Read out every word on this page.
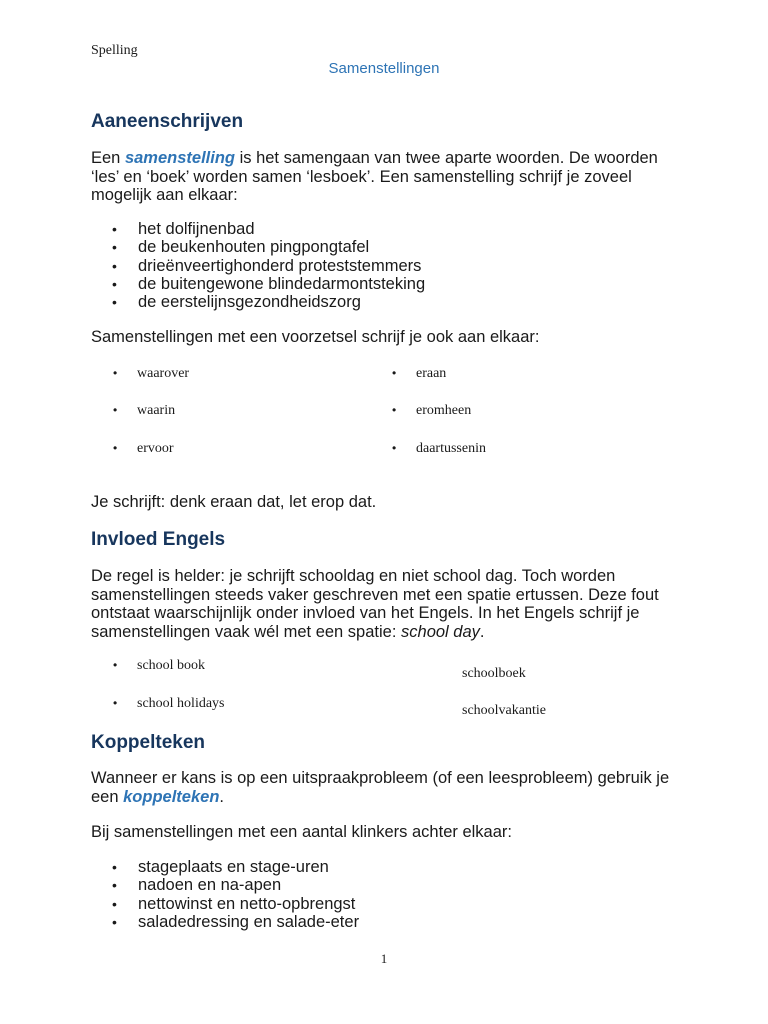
Spelling
Samenstellingen
Aaneenschrijven
Een samenstelling is het samengaan van twee aparte woorden. De woorden ‘les’ en ‘boek’ worden samen ‘lesboek’. Een samenstelling schrijf je zoveel mogelijk aan elkaar:
• het dolfijnenbad
• de beukenhouten pingpongtafel
• drieënveertighonderd proteststemmers
• de buitengewone blindedarmontsteking
• de eerstelijnsgezondheidszorg
Samenstellingen met een voorzetsel schrijf je ook aan elkaar:
• waarover
• waarin
• ervoor
• eraan
• eromheen
• daartussenin
Je schrijft: denk eraan dat, let erop dat.
Invloed Engels
De regel is helder: je schrijft schooldag en niet school dag. Toch worden samenstellingen steeds vaker geschreven met een spatie ertussen. Deze fout ontstaat waarschijnlijk onder invloed van het Engels. In het Engels schrijf je samenstellingen vaak wél met een spatie: school day.
• school book
• school holidays
schoolboek
schoolvakantie
Koppelteken
Wanneer er kans is op een uitspraakprobleem (of een leesprobleem) gebruik je een koppelteken.
Bij samenstellingen met een aantal klinkers achter elkaar:
• stageplaats en stage-uren
• nadoen en na-apen
• nettowinst en netto-opbrengst
• saladedressing en salade-eter
1
